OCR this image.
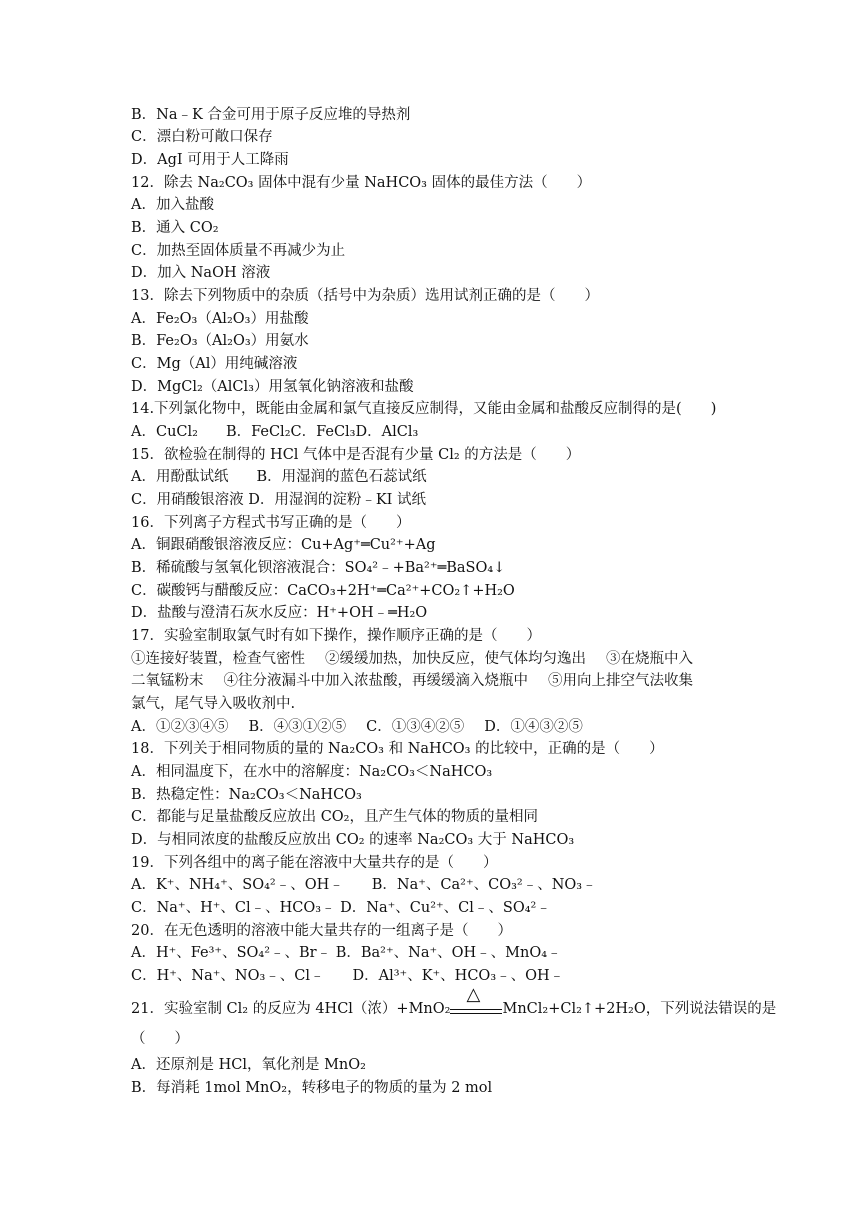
B．Na﹣K 合金可用于原子反应堆的导热剂
C．漂白粉可敞口保存
D．AgI 可用于人工降雨
12．除去 Na₂CO₃ 固体中混有少量 NaHCO₃ 固体的最佳方法（　　）
A．加入盐酸
B．通入 CO₂
C．加热至固体质量不再减少为止
D．加入 NaOH 溶液
13．除去下列物质中的杂质（括号中为杂质）选用试剂正确的是（　　）
A．Fe₂O₃（Al₂O₃）用盐酸
B．Fe₂O₃（Al₂O₃）用氨水
C．Mg（Al）用纯碱溶液
D．MgCl₂（AlCl₃）用氢氧化钠溶液和盐酸
14.下列氯化物中，既能由金属和氯气直接反应制得，又能由金属和盐酸反应制得的是(　　)
A．CuCl₂ B．FeCl₂C．FeCl₃D．AlCl₃
15．欲检验在制得的 HCl 气体中是否混有少量 Cl₂ 的方法是（　　）
A．用酚酞试纸 B．用湿润的蓝色石蕊试纸
C．用硝酸银溶液 D．用湿润的淀粉﹣KI 试纸
16．下列离子方程式书写正确的是（　　）
A．铜跟硝酸银溶液反应：Cu+Ag⁺═Cu²⁺+Ag
B．稀硫酸与氢氧化钡溶液混合：SO₄²﹣+Ba²⁺═BaSO₄↓
C．碳酸钙与醋酸反应：CaCO₃+2H⁺═Ca²⁺+CO₂↑+H₂O
D．盐酸与澄清石灰水反应：H⁺+OH﹣═H₂O
17．实验室制取氯气时有如下操作，操作顺序正确的是（　　）
①连接好装置，检查气密性 ②缓缓加热，加快反应，使气体均匀逸出 ③在烧瓶中入
二氧锰粉末 ④往分液漏斗中加入浓盐酸，再缓缓滴入烧瓶中 ⑤用向上排空气法收集
氯气，尾气导入吸收剂中.
A．①②③④⑤ B．④③①②⑤ C．①③④②⑤ D．①④③②⑤
18．下列关于相同物质的量的 Na₂CO₃ 和 NaHCO₃ 的比较中，正确的是（　　）
A．相同温度下，在水中的溶解度：Na₂CO₃＜NaHCO₃
B．热稳定性：Na₂CO₃＜NaHCO₃
C．都能与足量盐酸反应放出 CO₂，且产生气体的物质的量相同
D．与相同浓度的盐酸反应放出 CO₂ 的速率 Na₂CO₃ 大于 NaHCO₃
19．下列各组中的离子能在溶液中大量共存的是（　　）
A．K⁺、NH₄⁺、SO₄²﹣、OH﹣ B．Na⁺、Ca²⁺、CO₃²﹣、NO₃﹣
C．Na⁺、H⁺、Cl﹣、HCO₃﹣ D．Na⁺、Cu²⁺、Cl﹣、SO₄²﹣
20．在无色透明的溶液中能大量共存的一组离子是（　　）
A．H⁺、Fe³⁺、SO₄²﹣、Br﹣ B．Ba²⁺、Na⁺、OH﹣、MnO₄﹣
C．H⁺、Na⁺、NO₃﹣、Cl﹣ D．Al³⁺、K⁺、HCO₃﹣、OH﹣
21．实验室制 Cl₂ 的反应为 4HCl（浓）+MnO₂
△
MnCl₂+Cl₂↑+2H₂O，下列说法错误的是
（　　）
A．还原剂是 HCl，氧化剂是 MnO₂
B．每消耗 1mol MnO₂，转移电子的物质的量为 2 mol
